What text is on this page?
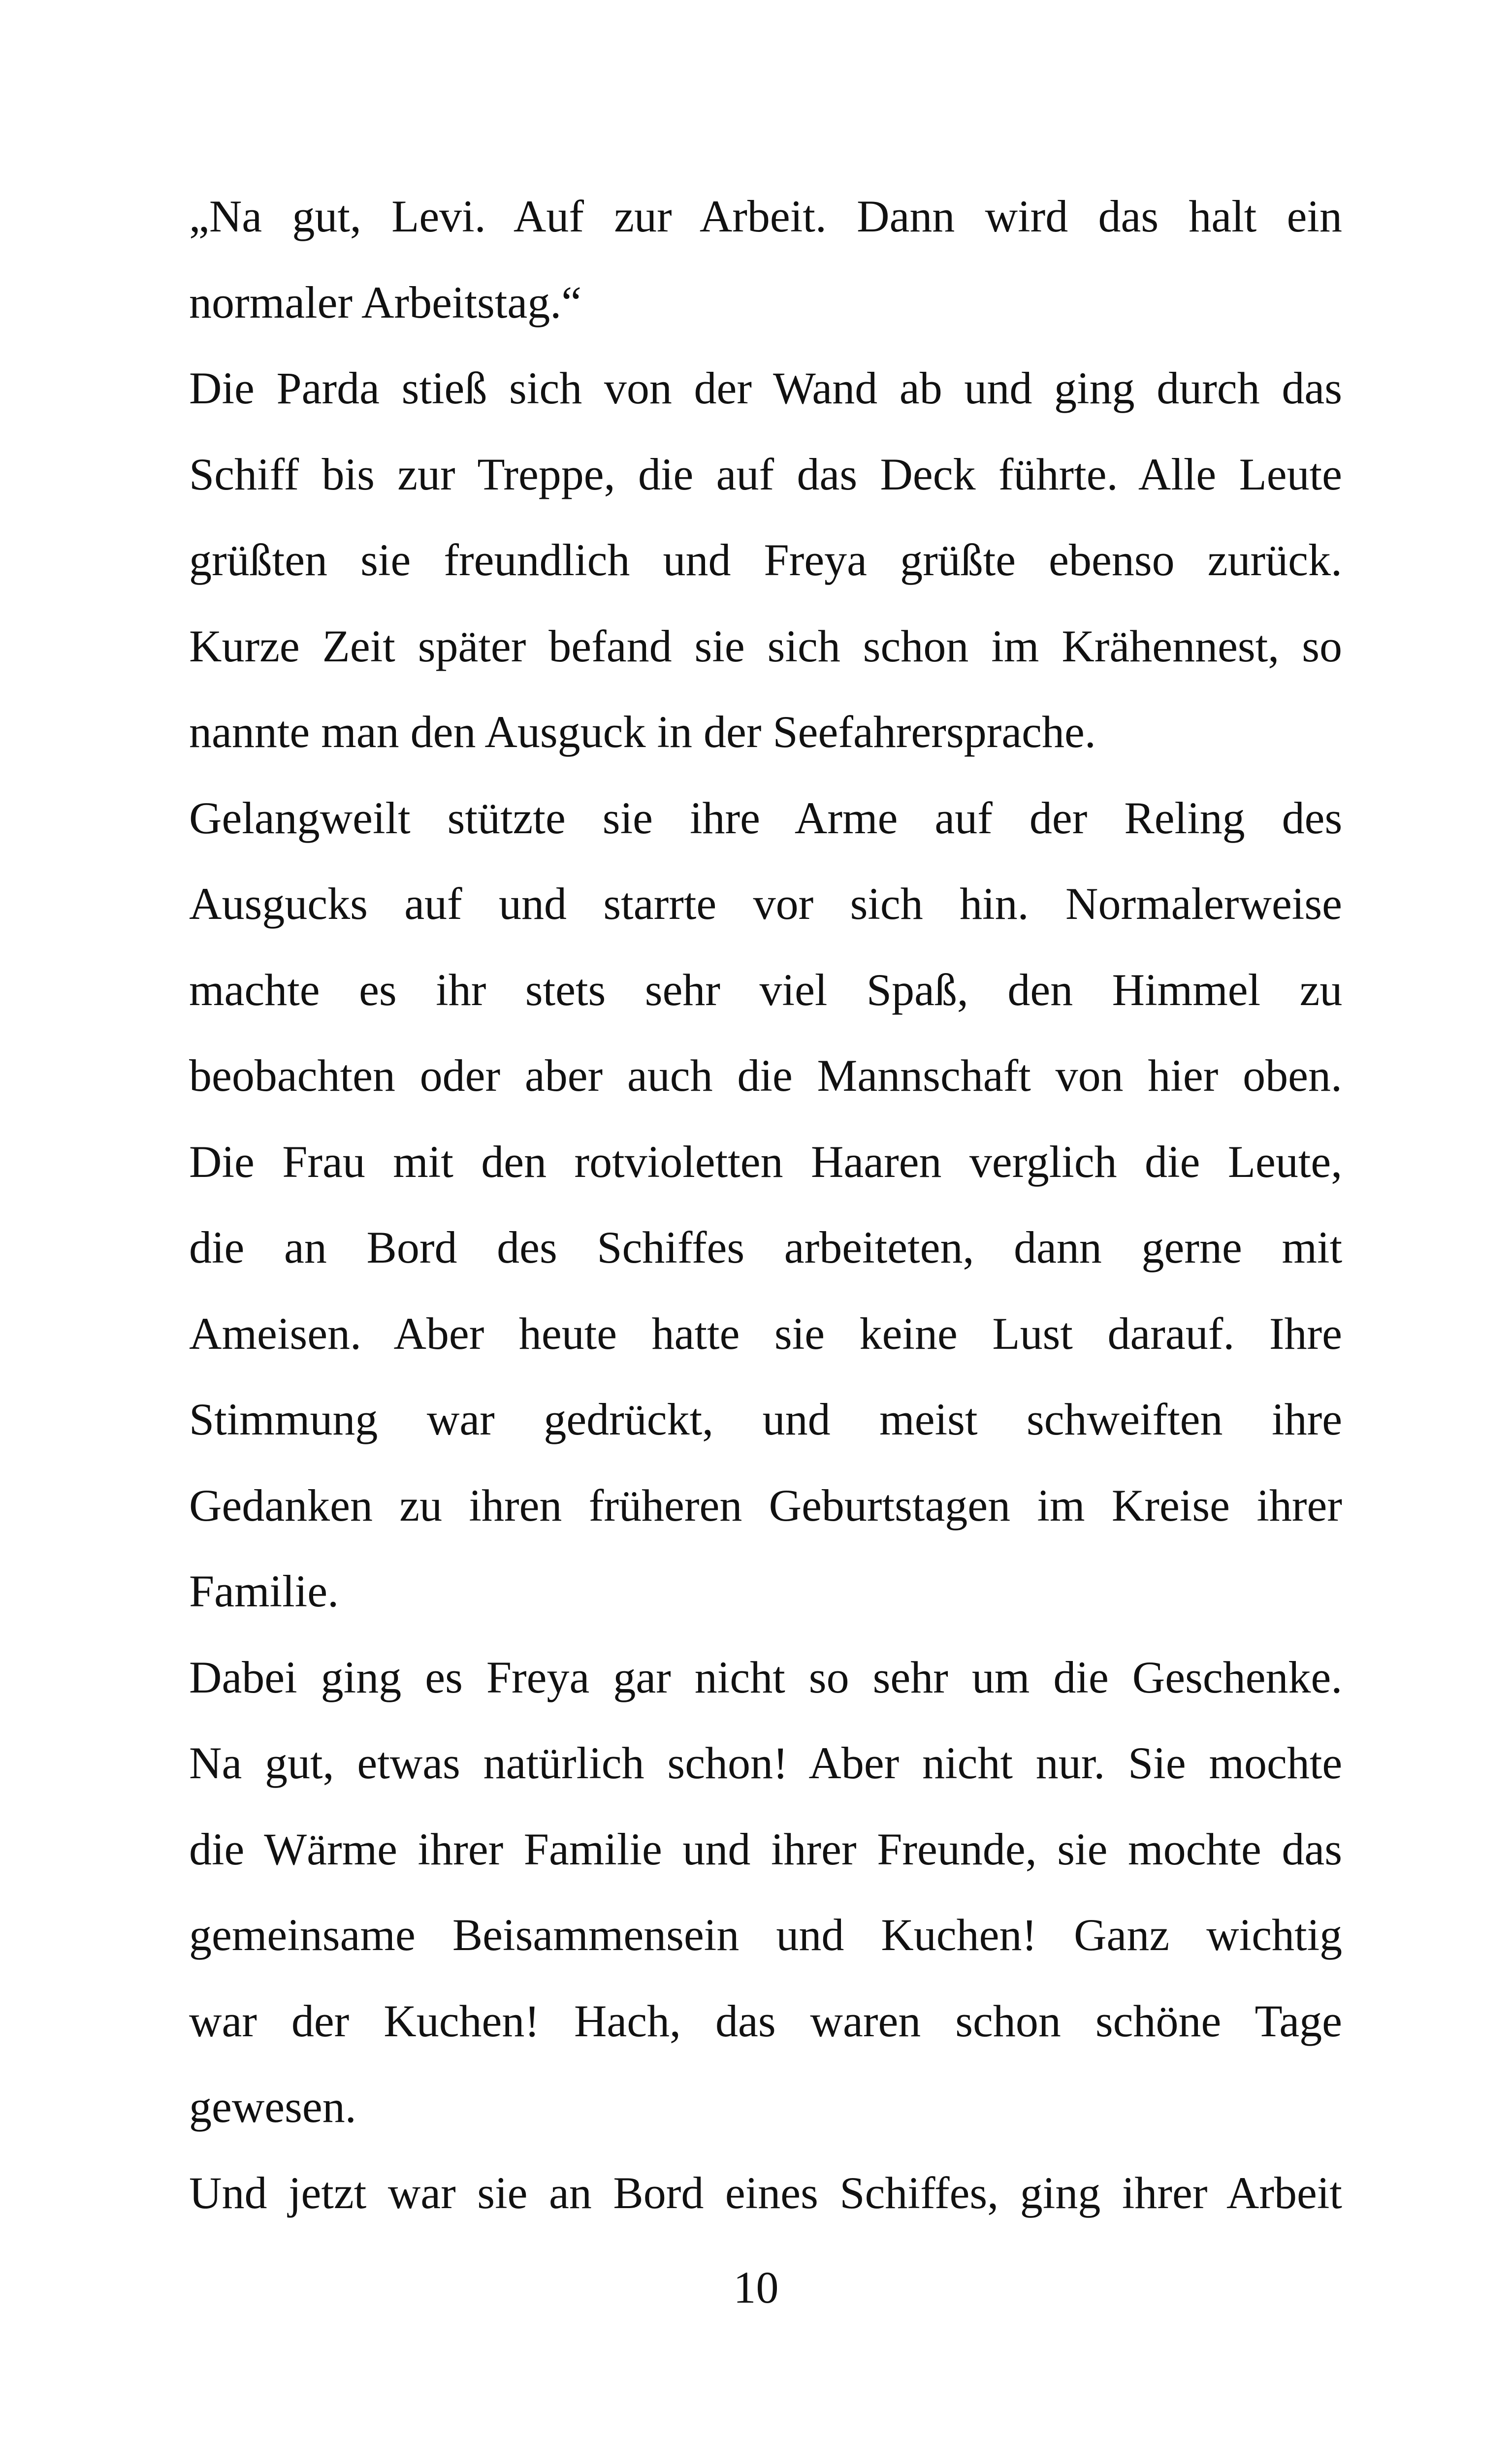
„Na gut, Levi. Auf zur Arbeit. Dann wird das halt ein
normaler Arbeitstag.“
Die Parda stieß sich von der Wand ab und ging durch das
Schiff bis zur Treppe, die auf das Deck führte. Alle Leute
grüßten sie freundlich und Freya grüßte ebenso zurück.
Kurze Zeit später befand sie sich schon im Krähennest, so
nannte man den Ausguck in der Seefahrersprache.
Gelangweilt stützte sie ihre Arme auf der Reling des
Ausgucks auf und starrte vor sich hin. Normalerweise
machte es ihr stets sehr viel Spaß, den Himmel zu
beobachten oder aber auch die Mannschaft von hier oben.
Die Frau mit den rotvioletten Haaren verglich die Leute,
die an Bord des Schiffes arbeiteten, dann gerne mit
Ameisen. Aber heute hatte sie keine Lust darauf. Ihre
Stimmung war gedrückt, und meist schweiften ihre
Gedanken zu ihren früheren Geburtstagen im Kreise ihrer
Familie.
Dabei ging es Freya gar nicht so sehr um die Geschenke.
Na gut, etwas natürlich schon! Aber nicht nur. Sie mochte
die Wärme ihrer Familie und ihrer Freunde, sie mochte das
gemeinsame Beisammensein und Kuchen! Ganz wichtig
war der Kuchen! Hach, das waren schon schöne Tage
gewesen.
Und jetzt war sie an Bord eines Schiffes, ging ihrer Arbeit
10
